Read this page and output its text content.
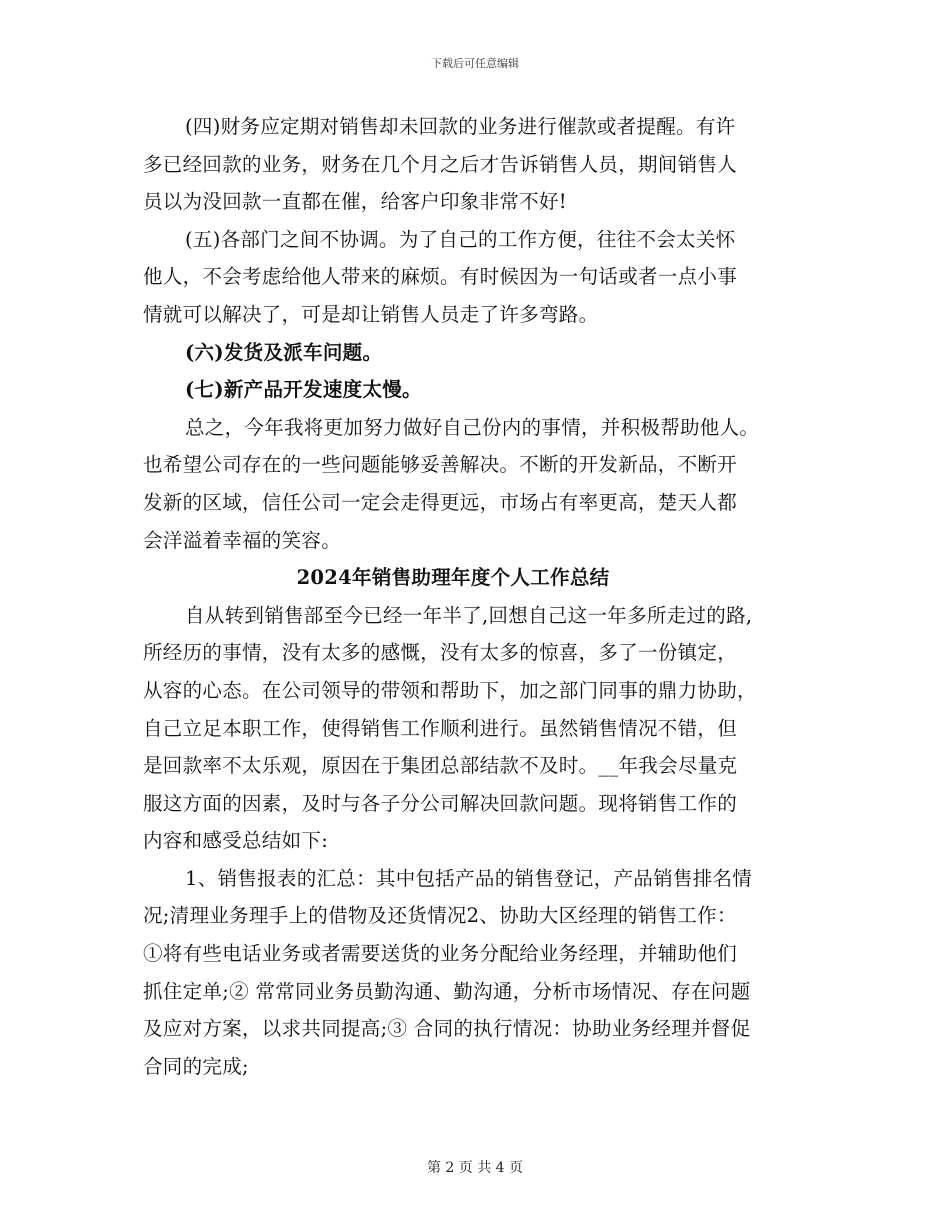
下载后可任意编辑
(四)财务应定期对销售却未回款的业务进行催款或者提醒。有许
多已经回款的业务，财务在几个月之后才告诉销售人员，期间销售人
员以为没回款一直都在催，给客户印象非常不好!
(五)各部门之间不协调。为了自己的工作方便，往往不会太关怀
他人，不会考虑给他人带来的麻烦。有时候因为一句话或者一点小事
情就可以解决了，可是却让销售人员走了许多弯路。
(六)发货及派车问题。
(七)新产品开发速度太慢。
总之，今年我将更加努力做好自己份内的事情，并积极帮助他人。
也希望公司存在的一些问题能够妥善解决。不断的开发新品，不断开
发新的区域，信任公司一定会走得更远，市场占有率更高，楚天人都
会洋溢着幸福的笑容。
2024年销售助理年度个人工作总结
自从转到销售部至今已经一年半了,回想自己这一年多所走过的路,
所经历的事情，没有太多的感慨，没有太多的惊喜，多了一份镇定，
从容的心态。在公司领导的带领和帮助下，加之部门同事的鼎力协助，
自己立足本职工作，使得销售工作顺利进行。虽然销售情况不错，但
是回款率不太乐观，原因在于集团总部结款不及时。__年我会尽量克
服这方面的因素，及时与各子分公司解决回款问题。现将销售工作的
内容和感受总结如下:
1、销售报表的汇总：其中包括产品的销售登记，产品销售排名情
况;清理业务理手上的借物及还货情况2、协助大区经理的销售工作：
①将有些电话业务或者需要送货的业务分配给业务经理，并辅助他们
抓住定单;② 常常同业务员勤沟通、勤沟通，分析市场情况、存在问题
及应对方案，以求共同提高;③ 合同的执行情况：协助业务经理并督促
合同的完成;
第 2 页 共 4 页
